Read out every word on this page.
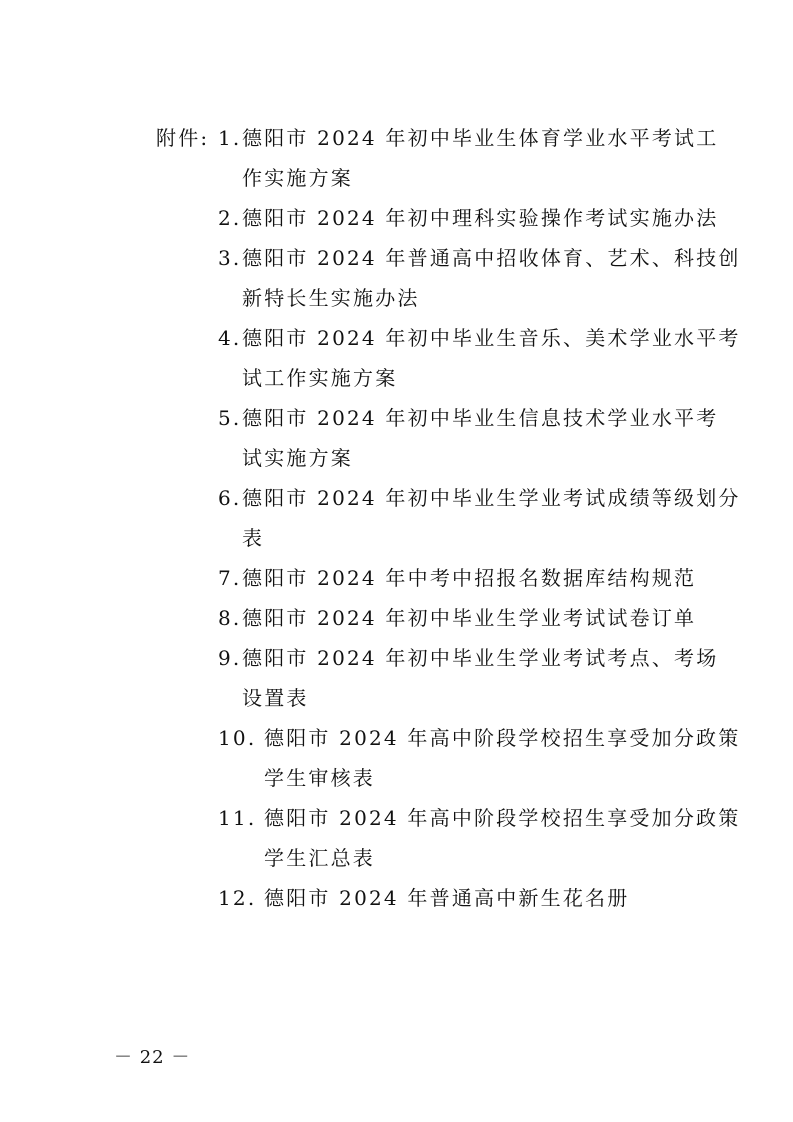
附件: 1. 德阳市 2024 年初中毕业生体育学业水平考试工
作实施方案
2. 德阳市 2024 年初中理科实验操作考试实施办法
3. 德阳市 2024 年普通高中招收体育、艺术、科技创
新特长生实施办法
4. 德阳市 2024 年初中毕业生音乐、美术学业水平考
试工作实施方案
5. 德阳市 2024 年初中毕业生信息技术学业水平考
试实施方案
6. 德阳市 2024 年初中毕业生学业考试成绩等级划分
表
7. 德阳市 2024 年中考中招报名数据库结构规范
8. 德阳市 2024 年初中毕业生学业考试试卷订单
9. 德阳市 2024 年初中毕业生学业考试考点、考场
设置表
10. 德阳市 2024 年高中阶段学校招生享受加分政策
学生审核表
11. 德阳市 2024 年高中阶段学校招生享受加分政策
学生汇总表
12. 德阳市 2024 年普通高中新生花名册
－ 22 －
